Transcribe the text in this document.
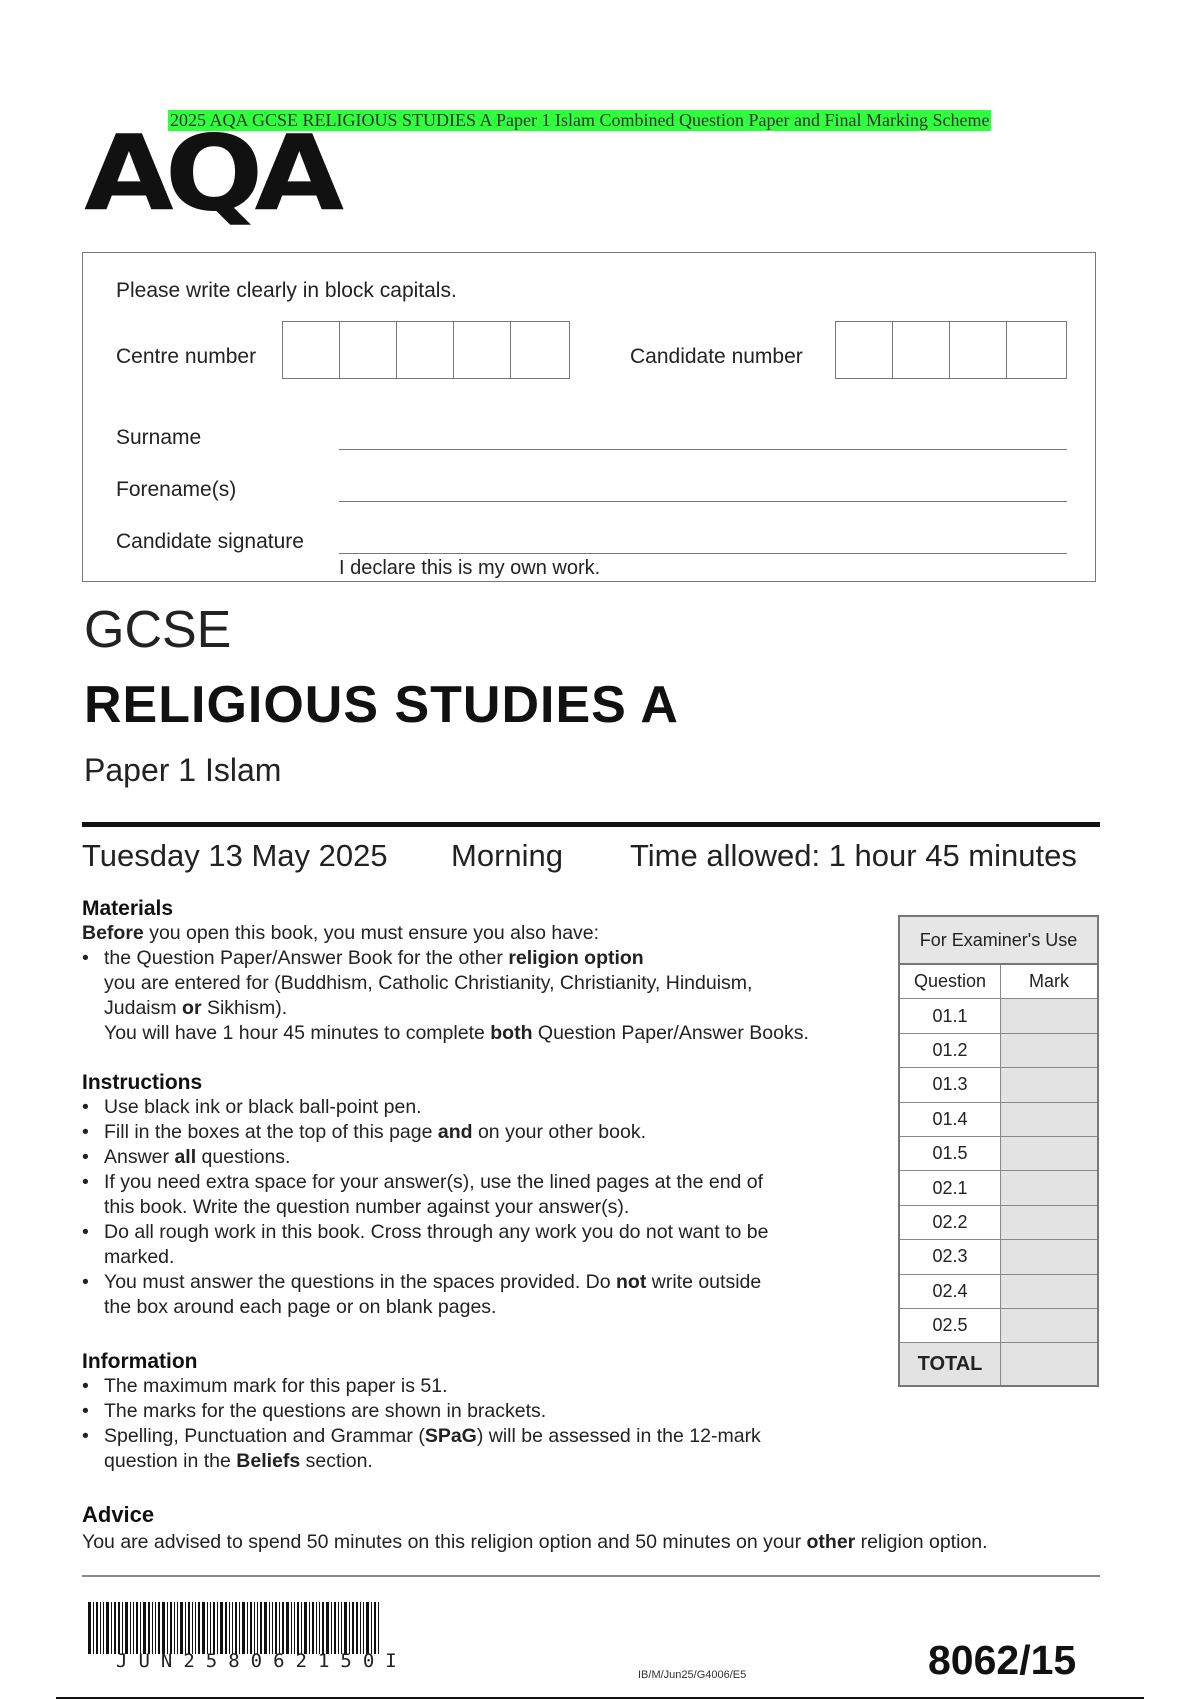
2025 AQA GCSE RELIGIOUS STUDIES A Paper 1 Islam Combined Question Paper and Final Marking Scheme
AQA
Please write clearly in block capitals.
Centre number	Candidate number
Surname
Forename(s)
Candidate signature
I declare this is my own work.
GCSE
RELIGIOUS STUDIES A
Paper 1 Islam
Tuesday 13 May 2025 Morning Time allowed: 1 hour 45 minutes
Materials
Before you open this book, you must ensure you also have:
• the Question Paper/Answer Book for the other religion option
you are entered for (Buddhism, Catholic Christianity, Christianity, Hinduism,
Judaism or Sikhism).
You will have 1 hour 45 minutes to complete both Question Paper/Answer Books.
Instructions
• Use black ink or black ball-point pen.
• Fill in the boxes at the top of this page and on your other book.
• Answer all questions.
• If you need extra space for your answer(s), use the lined pages at the end of
this book. Write the question number against your answer(s).
• Do all rough work in this book. Cross through any work you do not want to be
marked.
• You must answer the questions in the spaces provided. Do not write outside
the box around each page or on blank pages.
Information
• The maximum mark for this paper is 51.
• The marks for the questions are shown in brackets.
• Spelling, Punctuation and Grammar (SPaG) will be assessed in the 12-mark
question in the Beliefs section.
Advice
You are advised to spend 50 minutes on this religion option and 50 minutes on your other religion option.
For Examiner's Use
Question	Mark
01.1
01.2
01.3
01.4
01.5
02.1
02.2
02.3
02.4
02.5
TOTAL
JUN258062150I
IB/M/Jun25/G4006/E5	8062/15
